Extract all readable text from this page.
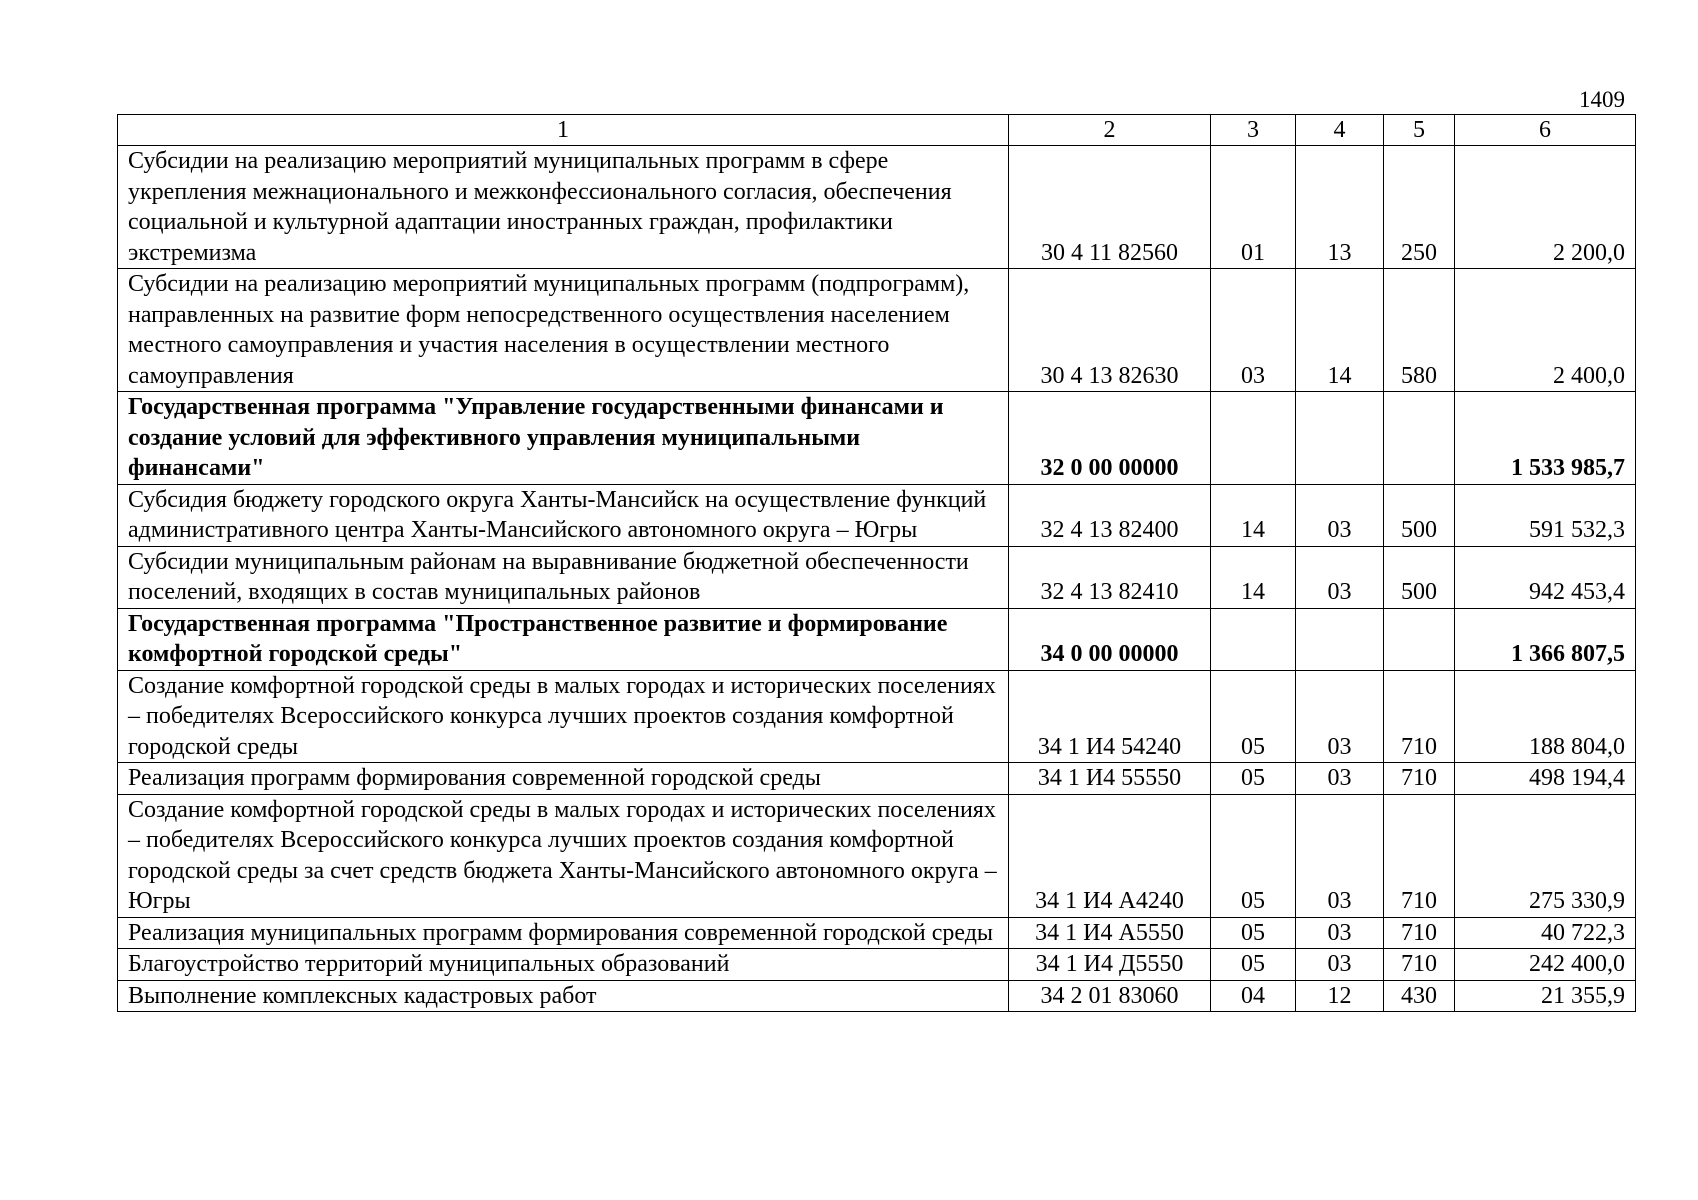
1409
1	2	3	4	5	6
Субсидии на реализацию мероприятий муниципальных программ в сфере укрепления межнационального и межконфессионального согласия, обеспечения социальной и культурной адаптации иностранных граждан, профилактики экстремизма	30 4 11 82560	01	13	250	2 200,0
Субсидии на реализацию мероприятий муниципальных программ (подпрограмм), направленных на развитие форм непосредственного осуществления населением местного самоуправления и участия населения в осуществлении местного самоуправления	30 4 13 82630	03	14	580	2 400,0
Государственная программа "Управление государственными финансами и создание условий для эффективного управления муниципальными финансами"	32 0 00 00000				1 533 985,7
Субсидия бюджету городского округа Ханты-Мансийск на осуществление функций административного центра Ханты-Мансийского автономного округа – Югры	32 4 13 82400	14	03	500	591 532,3
Субсидии муниципальным районам на выравнивание бюджетной обеспеченности поселений, входящих в состав муниципальных районов	32 4 13 82410	14	03	500	942 453,4
Государственная программа "Пространственное развитие и формирование комфортной городской среды"	34 0 00 00000				1 366 807,5
Создание комфортной городской среды в малых городах и исторических поселениях – победителях Всероссийского конкурса лучших проектов создания комфортной городской среды	34 1 И4 54240	05	03	710	188 804,0
Реализация программ формирования современной городской среды	34 1 И4 55550	05	03	710	498 194,4
Создание комфортной городской среды в малых городах и исторических поселениях – победителях Всероссийского конкурса лучших проектов создания комфортной городской среды за счет средств бюджета Ханты-Мансийского автономного округа – Югры	34 1 И4 А4240	05	03	710	275 330,9
Реализация муниципальных программ формирования современной городской среды	34 1 И4 А5550	05	03	710	40 722,3
Благоустройство территорий муниципальных образований	34 1 И4 Д5550	05	03	710	242 400,0
Выполнение комплексных кадастровых работ	34 2 01 83060	04	12	430	21 355,9
